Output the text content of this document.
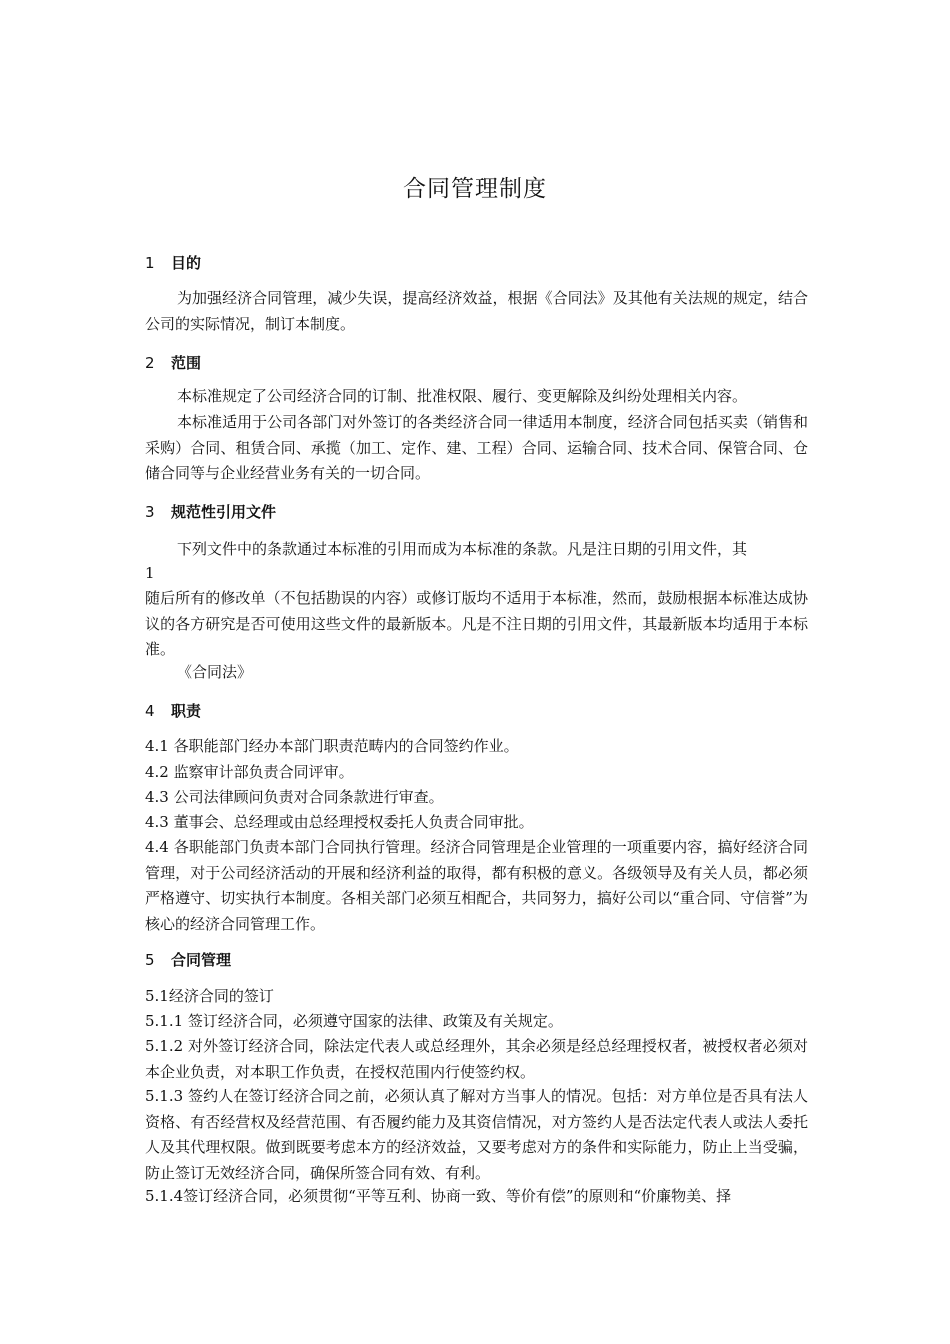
合同管理制度
1 目的
为加强经济合同管理，减少失误，提高经济效益，根据《合同法》及其他有关法规的规定，结合公司的实际情况，制订本制度。
2 范围
本标准规定了公司经济合同的订制、批准权限、履行、变更解除及纠纷处理相关内容。
本标准适用于公司各部门对外签订的各类经济合同一律适用本制度，经济合同包括买卖（销售和采购）合同、租赁合同、承揽（加工、定作、建、工程）合同、运输合同、技术合同、保管合同、仓储合同等与企业经营业务有关的一切合同。
3 规范性引用文件
下列文件中的条款通过本标准的引用而成为本标准的条款。凡是注日期的引用文件，其
1
随后所有的修改单（不包括勘误的内容）或修订版均不适用于本标准，然而，鼓励根据本标准达成协议的各方研究是否可使用这些文件的最新版本。凡是不注日期的引用文件，其最新版本均适用于本标准。
《合同法》
4 职责
4.1 各职能部门经办本部门职责范畴内的合同签约作业。
4.2 监察审计部负责合同评审。
4.3 公司法律顾问负责对合同条款进行审查。
4.3 董事会、总经理或由总经理授权委托人负责合同审批。
4.4 各职能部门负责本部门合同执行管理。经济合同管理是企业管理的一项重要内容，搞好经济合同管理，对于公司经济活动的开展和经济利益的取得，都有积极的意义。各级领导及有关人员，都必须严格遵守、切实执行本制度。各相关部门必须互相配合，共同努力，搞好公司以“重合同、守信誉”为核心的经济合同管理工作。
5 合同管理
5.1经济合同的签订
5.1.1 签订经济合同，必须遵守国家的法律、政策及有关规定。
5.1.2 对外签订经济合同，除法定代表人或总经理外，其余必须是经总经理授权者，被授权者必须对本企业负责，对本职工作负责，在授权范围内行使签约权。
5.1.3 签约人在签订经济合同之前，必须认真了解对方当事人的情况。包括：对方单位是否具有法人资格、有否经营权及经营范围、有否履约能力及其资信情况，对方签约人是否法定代表人或法人委托人及其代理权限。做到既要考虑本方的经济效益，又要考虑对方的条件和实际能力，防止上当受骗，防止签订无效经济合同，确保所签合同有效、有利。
5.1.4签订经济合同，必须贯彻“平等互利、协商一致、等价有偿”的原则和“价廉物美、择
